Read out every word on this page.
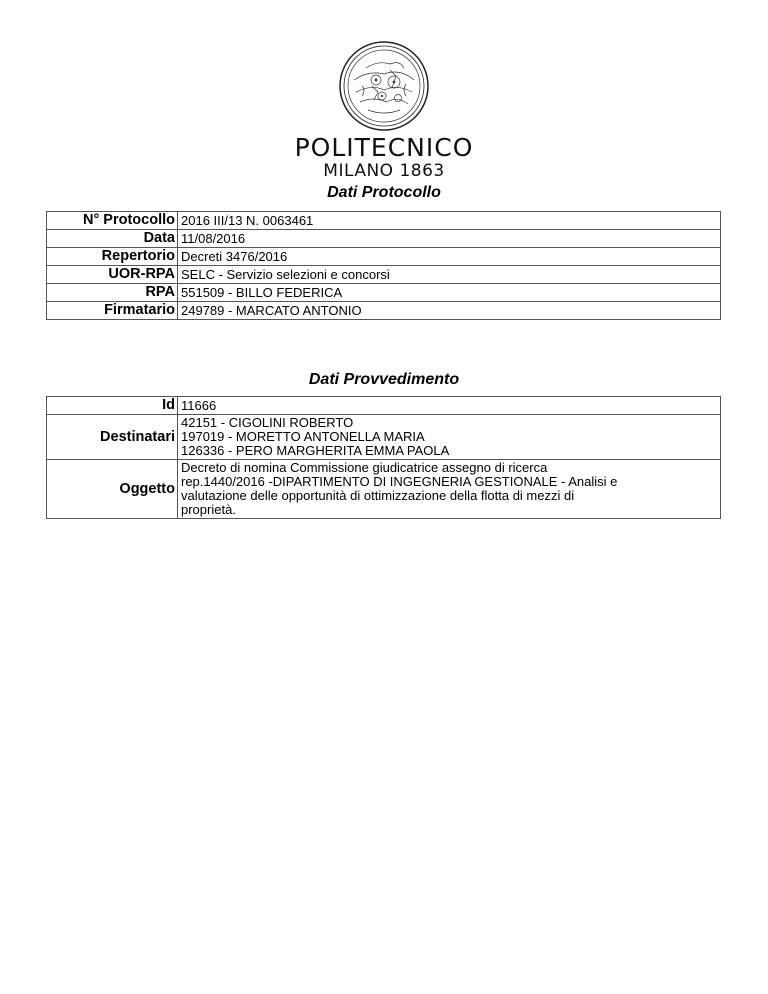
POLITECNICO
MILANO 1863
Dati Protocollo
N° Protocollo	2016 III/13 N. 0063461
Data	11/08/2016
Repertorio	Decreti 3476/2016
UOR-RPA	SELC - Servizio selezioni e concorsi
RPA	551509 - BILLO FEDERICA
Firmatario	249789 - MARCATO ANTONIO
Dati Provvedimento
Id	11666
Destinatari	42151 - CIGOLINI ROBERTO
197019 - MORETTO ANTONELLA MARIA
126336 - PERO MARGHERITA EMMA PAOLA

Oggetto	Decreto di nomina Commissione giudicatrice assegno di ricerca
rep.1440/2016 -DIPARTIMENTO DI INGEGNERIA GESTIONALE - Analisi e
valutazione delle opportunità di ottimizzazione della flotta di mezzi di
proprietà.
